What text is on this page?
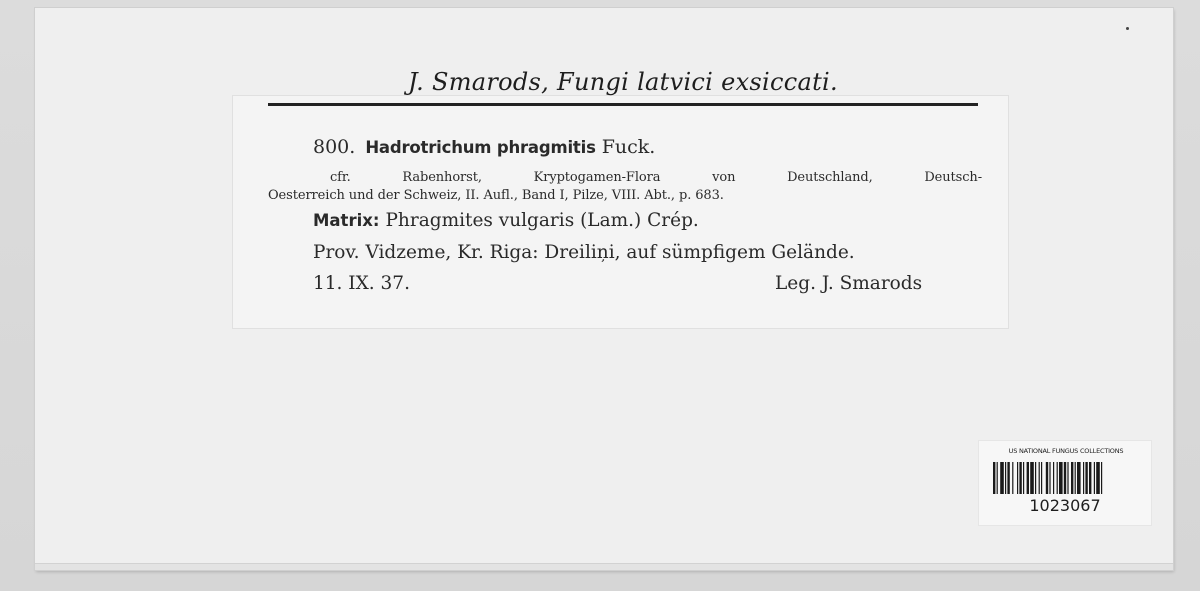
J. Smarods, Fungi latvici exsiccati.
800. Hadrotrichum phragmitis Fuck.
cfr. Rabenhorst, Kryptogamen-Flora von Deutschland, Deutsch-
Oesterreich und der Schweiz, II. Aufl., Band I, Pilze, VIII. Abt., p. 683.
Matrix: Phragmites vulgaris (Lam.) Crép.
Prov. Vidzeme, Kr. Riga: Dreiliņi, auf sümpfigem Gelände.
11. IX. 37.	Leg. J. Smarods
US NATIONAL FUNGUS COLLECTIONS
1023067
